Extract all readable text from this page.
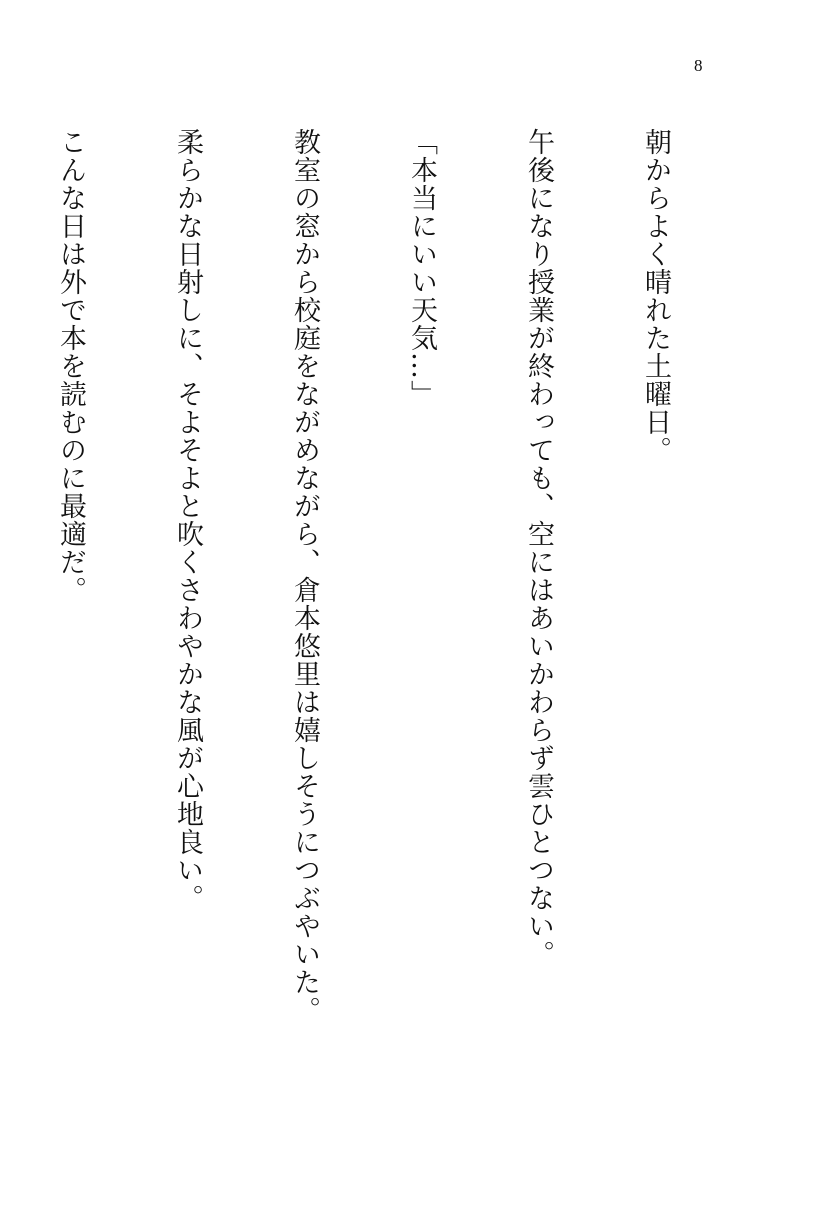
8

朝からよく晴れた土曜日。

午後になり授業が終わっても、空にはあいかわらず雲ひとつない。

「本当にいい天気…」

教室の窓から校庭をながめながら、倉本悠里は嬉しそうにつぶやいた。

柔らかな日射しに、そよそよと吹くさわやかな風が心地良い。

こんな日は外で本を読むのに最適だ。
